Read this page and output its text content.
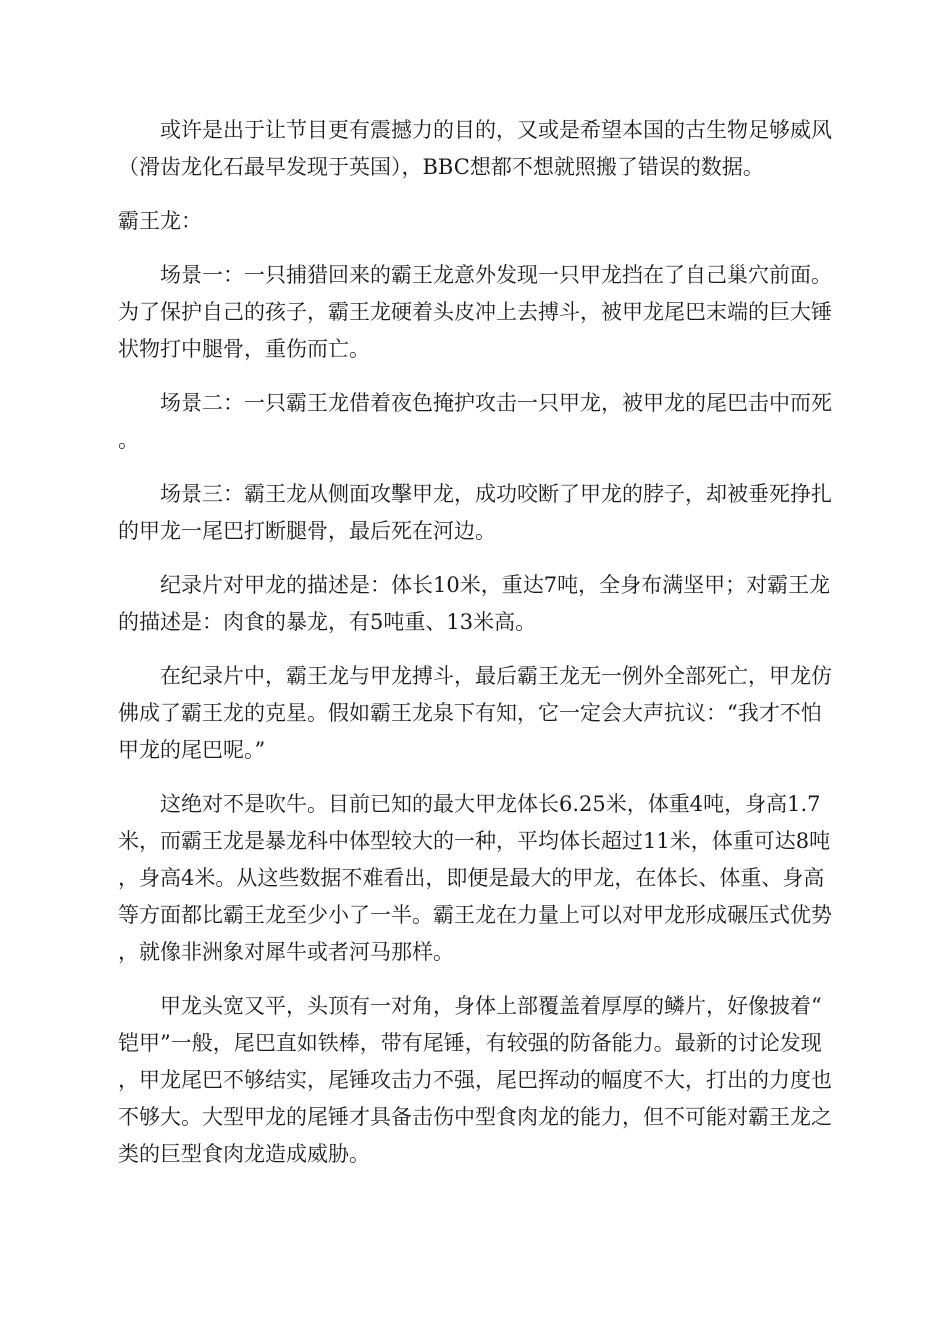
或许是出于让节目更有震撼力的目的，又或是希望本国的古生物足够威风（滑齿龙化石最早发现于英国），BBC想都不想就照搬了错误的数据。

霸王龙：

场景一：一只捕猎回来的霸王龙意外发现一只甲龙挡在了自己巢穴前面。为了保护自己的孩子，霸王龙硬着头皮冲上去搏斗，被甲龙尾巴末端的巨大锤状物打中腿骨，重伤而亡。

场景二：一只霸王龙借着夜色掩护攻击一只甲龙，被甲龙的尾巴击中而死。

场景三：霸王龙从侧面攻擊甲龙，成功咬断了甲龙的脖子，却被垂死挣扎的甲龙一尾巴打断腿骨，最后死在河边。

纪录片对甲龙的描述是：体长10米，重达7吨，全身布满坚甲；对霸王龙的描述是：肉食的暴龙，有5吨重、13米高。

在纪录片中，霸王龙与甲龙搏斗，最后霸王龙无一例外全部死亡，甲龙仿佛成了霸王龙的克星。假如霸王龙泉下有知，它一定会大声抗议：“我才不怕甲龙的尾巴呢。”

这绝对不是吹牛。目前已知的最大甲龙体长6.25米，体重4吨，身高1.7米，而霸王龙是暴龙科中体型较大的一种，平均体长超过11米，体重可达8吨，身高4米。从这些数据不难看出，即便是最大的甲龙，在体长、体重、身高等方面都比霸王龙至少小了一半。霸王龙在力量上可以对甲龙形成碾压式优势，就像非洲象对犀牛或者河马那样。

甲龙头宽又平，头顶有一对角，身体上部覆盖着厚厚的鳞片，好像披着“铠甲”一般，尾巴直如铁棒，带有尾锤，有较强的防备能力。最新的讨论发现，甲龙尾巴不够结实，尾锤攻击力不强，尾巴挥动的幅度不大，打出的力度也不够大。大型甲龙的尾锤才具备击伤中型食肉龙的能力，但不可能对霸王龙之类的巨型食肉龙造成威胁。
